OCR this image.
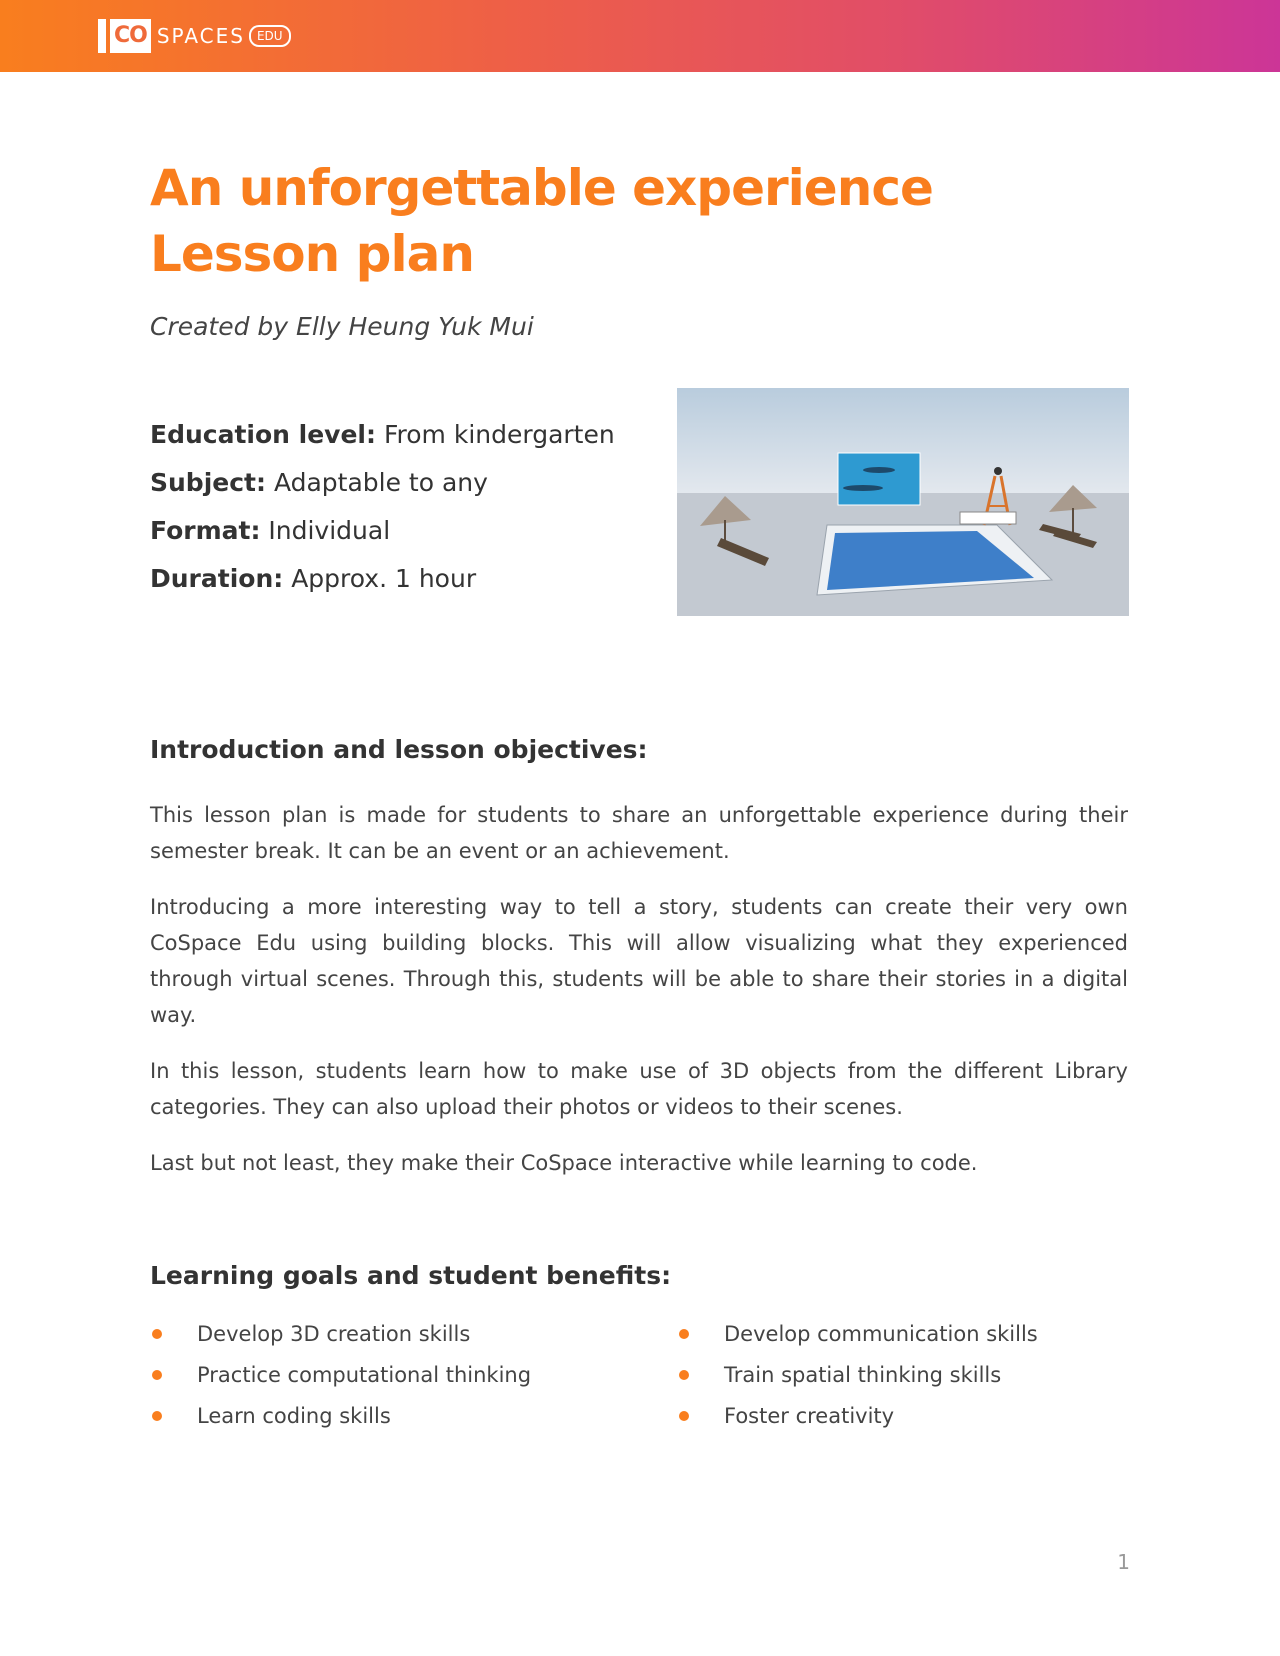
CO SPACES	EDU
An unforgettable experience
Lesson plan

Created by Elly Heung Yuk Mui

Education level: From kindergarten
Subject: Adaptable to any
Format: Individual
Duration: Approx. 1 hour
Introduction and lesson objectives:

This lesson plan is made for students to share an unforgettable experience during their semester break. It can be an event or an achievement.

Introducing a more interesting way to tell a story, students can create their very own CoSpace Edu using building blocks. This will allow visualizing what they experienced through virtual scenes. Through this, students will be able to share their stories in a digital way.

In this lesson, students learn how to make use of 3D objects from the different Library categories. They can also upload their photos or videos to their scenes.

Last but not least, they make their CoSpace interactive while learning to code.

Learning goals and student benefits:
Develop 3D creation skills	Develop communication skills
Practice computational thinking	Train spatial thinking skills
Learn coding skills	Foster creativity
1
